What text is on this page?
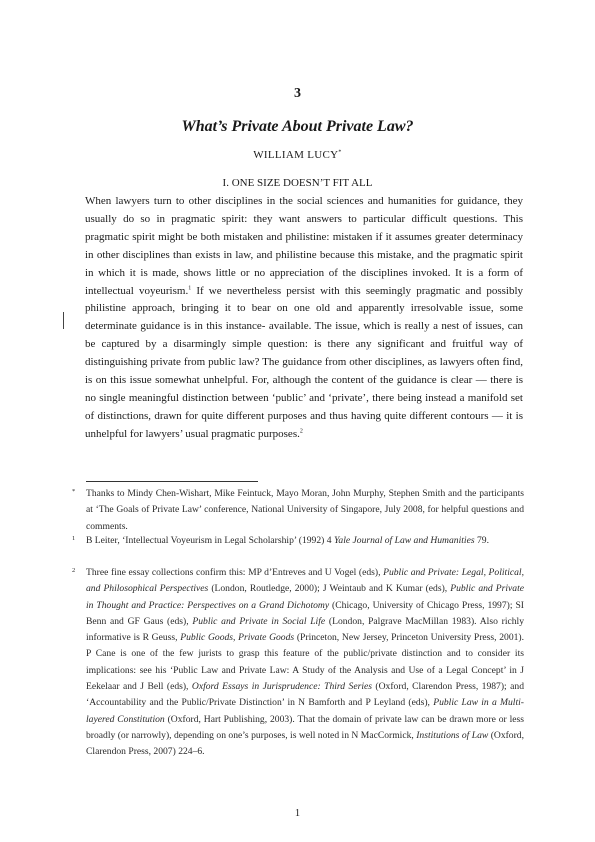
3
What’s Private About Private Law?
WILLIAM LUCY*
I. ONE SIZE DOESN’T FIT ALL

When lawyers turn to other disciplines in the social sciences and humanities for guidance, they usually do so in pragmatic spirit: they want answers to particular difficult questions. This pragmatic spirit might be both mistaken and philistine: mistaken if it assumes greater determinacy in other disciplines than exists in law, and philistine because this mistake, and the pragmatic spirit in which it is made, shows little or no appreciation of the disciplines invoked. It is a form of intellectual voyeurism.$^1$ If we nevertheless persist with this seemingly pragmatic and possibly philistine approach, bringing it to bear on one old and apparently irresolvable issue, some determinate guidance is in this instance- available. The issue, which is really a nest of issues, can be captured by a disarmingly simple question: is there any significant and fruitful way of distinguishing private from public law? The guidance from other disciplines, as lawyers often find, is on this issue somewhat unhelpful. For, although the content of the guidance is clear — there is no single meaningful distinction between ‘public’ and ‘private’, there being instead a manifold set of distinctions, drawn for quite different purposes and thus having quite different contours — it is unhelpful for lawyers’ usual pragmatic purposes.$^2$

* Thanks to Mindy Chen-Wishart, Mike Feintuck, Mayo Moran, John Murphy, Stephen Smith and the participants at ‘The Goals of Private Law’ conference, National University of Singapore, July 2008, for helpful questions and comments.
1 B Leiter, ‘Intellectual Voyeurism in Legal Scholarship’ (1992) 4 Yale Journal of Law and Humanities 79.
2 Three fine essay collections confirm this: MP d’Entreves and U Vogel (eds), Public and Private: Legal, Political, and Philosophical Perspectives (London, Routledge, 2000); J Weintaub and K Kumar (eds), Public and Private in Thought and Practice: Perspectives on a Grand Dichotomy (Chicago, University of Chicago Press, 1997); SI Benn and GF Gaus (eds), Public and Private in Social Life (London, Palgrave MacMillan 1983). Also richly informative is R Geuss, Public Goods, Private Goods (Princeton, New Jersey, Princeton University Press, 2001). P Cane is one of the few jurists to grasp this feature of the public/private distinction and to consider its implications: see his ‘Public Law and Private Law: A Study of the Analysis and Use of a Legal Concept’ in J Eekelaar and J Bell (eds), Oxford Essays in Jurisprudence: Third Series (Oxford, Clarendon Press, 1987); and ‘Accountability and the Public/Private Distinction’ in N Bamforth and P Leyland (eds), Public Law in a Multi-layered Constitution (Oxford, Hart Publishing, 2003). That the domain of private law can be drawn more or less broadly (or narrowly), depending on one’s purposes, is well noted in N MacCormick, Institutions of Law (Oxford, Clarendon Press, 2007) 224–6.
1
